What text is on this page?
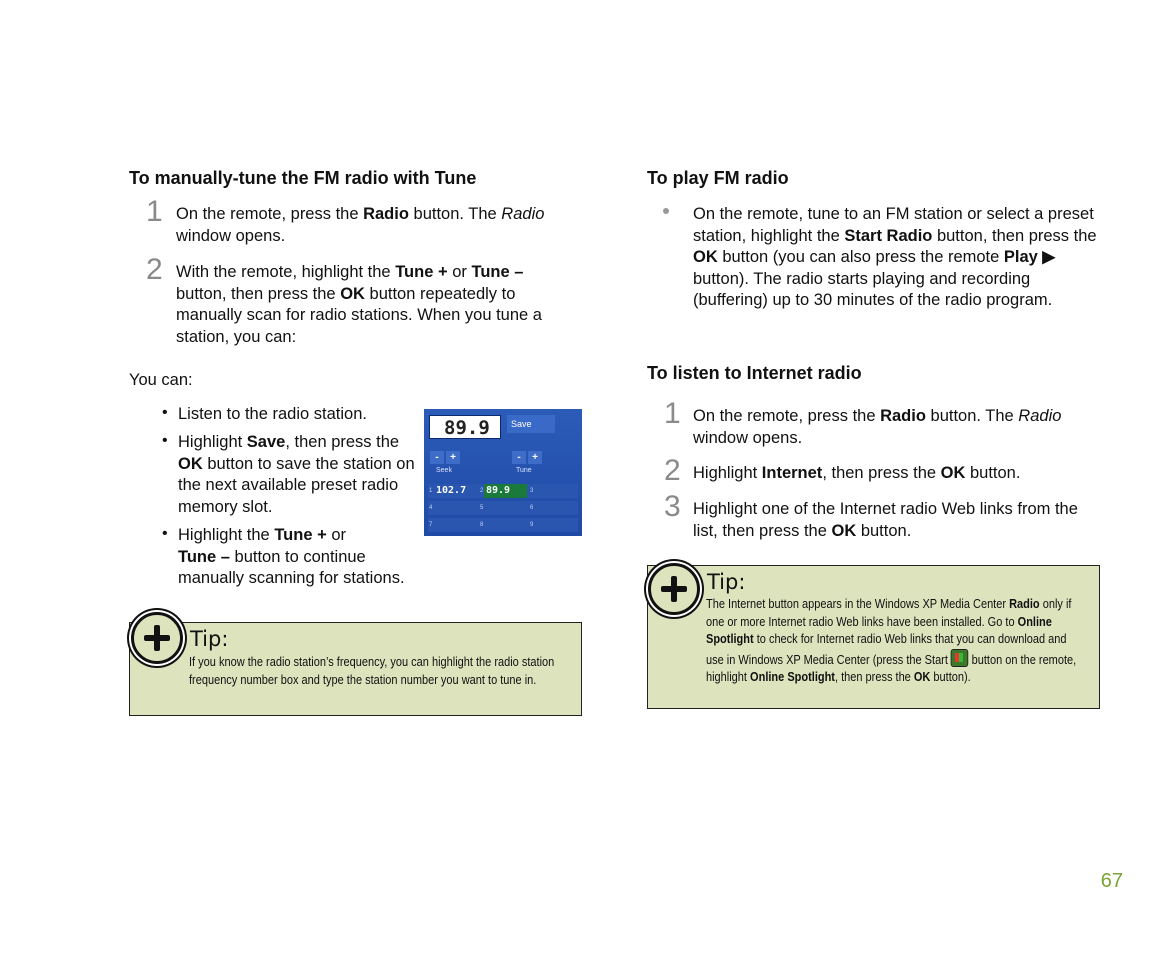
To manually-tune the FM radio with Tune
1 On the remote, press the Radio button. The Radio window opens.
2 With the remote, highlight the Tune + or Tune – button, then press the OK button repeatedly to manually scan for radio stations. When you tune a station, you can:
You can:
• Listen to the radio station.
• Highlight Save, then press the OK button to save the station on the next available preset radio memory slot.
• Highlight the Tune + or
Tune – button to continue manually scanning for stations.
89.9	Save
-	+	-	+
Seek	Tune
1 102.7 2 89.9	3
4	5	6
7	8	9
Tip:
If you know the radio station’s frequency, you can highlight the radio station frequency number box and type the station number you want to tune in.
To play FM radio
On the remote, tune to an FM station or select a preset station, highlight the Start Radio button, then press the OK button (you can also press the remote Play ▶ button). The radio starts playing and recording (buffering) up to 30 minutes of the radio program.
To listen to Internet radio
1 On the remote, press the Radio button. The Radio window opens.
2 Highlight Internet, then press the OK button.
3 Highlight one of the Internet radio Web links from the list, then press the OK button.
Tip:
The Internet button appears in the Windows XP Media Center Radio only if one or more Internet radio Web links have been installed. Go to Online Spotlight to check for Internet radio Web links that you can download and use in Windows XP Media Center (press the Start  button on the remote, highlight Online Spotlight, then press the OK button).
67
